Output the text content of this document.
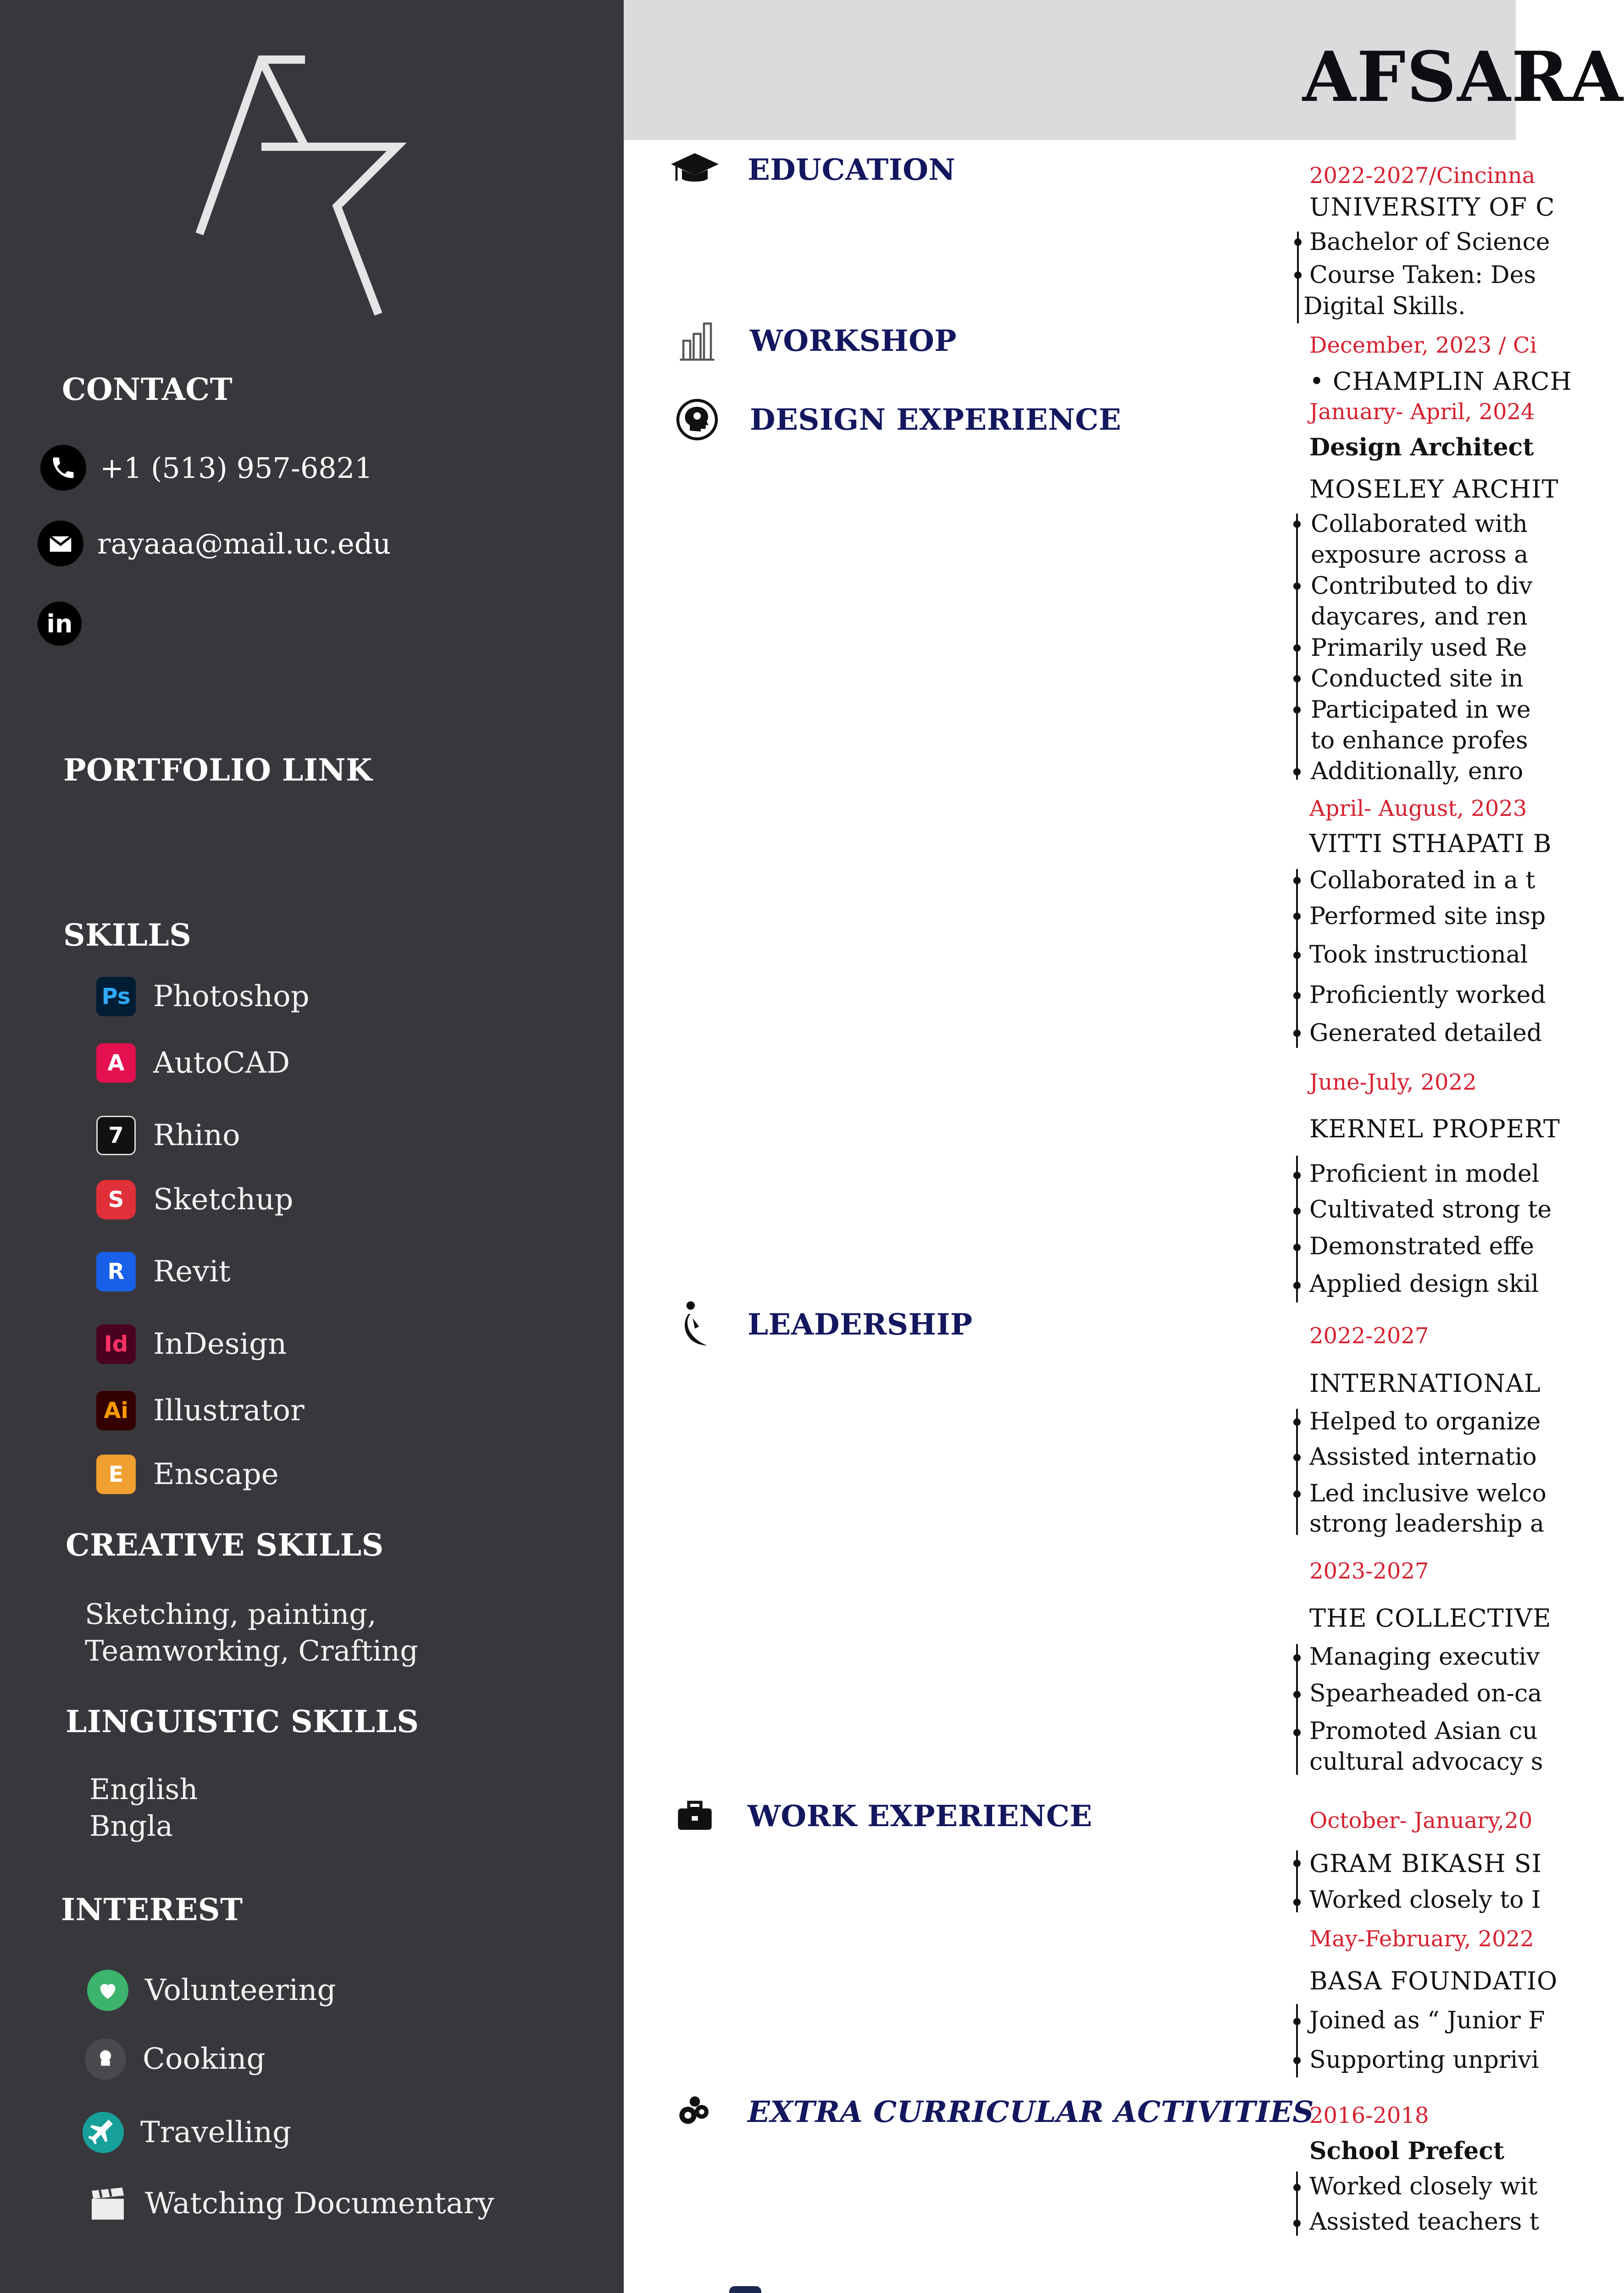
CONTACT
+1 (513) 957-6821
rayaaa@mail.uc.edu
in
PORTFOLIO LINK
SKILLS
Ps Photoshop
A AutoCAD
7	Rhino
S Sketchup
R Revit
Id InDesign
Ai Illustrator
E	Enscape
CREATIVE SKILLS
Sketching, painting,
Teamworking, Crafting
LINGUISTIC SKILLS
English
Bngla
INTEREST
Volunteering
Cooking
Travelling
Watching Documentary
AFSARA
EDUCATION
WORKSHOP
DESIGN EXPERIENCE
LEADERSHIP
WORK EXPERIENCE
EXTRA CURRICULAR ACTIVITIES
2022-2027/Cincinna
UNIVERSITY OF C
Bachelor of Science
Course Taken: Des
Digital Skills.
December, 2023 / Ci
• CHAMPLIN ARCH
January- April, 2024
Design Architect
MOSELEY ARCHIT
Collaborated with
exposure across a
Contributed to div
daycares, and ren
Primarily used Re
Conducted site in
Participated in we
to enhance profes
Additionally, enro
April- August, 2023
VITTI STHAPATI B
Collaborated in a t
Performed site insp
Took instructional
Proficiently worked
Generated detailed
June-July, 2022
KERNEL PROPERT
Proficient in model
Cultivated strong te
Demonstrated effe
Applied design skil
2022-2027
INTERNATIONAL
Helped to organize
Assisted internatio
Led inclusive welco
strong leadership a
2023-2027
THE COLLECTIVE
Managing executiv
Spearheaded on-ca
Promoted Asian cu
cultural advocacy s
October- January,20
GRAM BIKASH SI
Worked closely to I
May-February, 2022
BASA FOUNDATIO
Joined as “ Junior F
Supporting unprivi
2016-2018
School Prefect
Worked closely wit
Assisted teachers t
